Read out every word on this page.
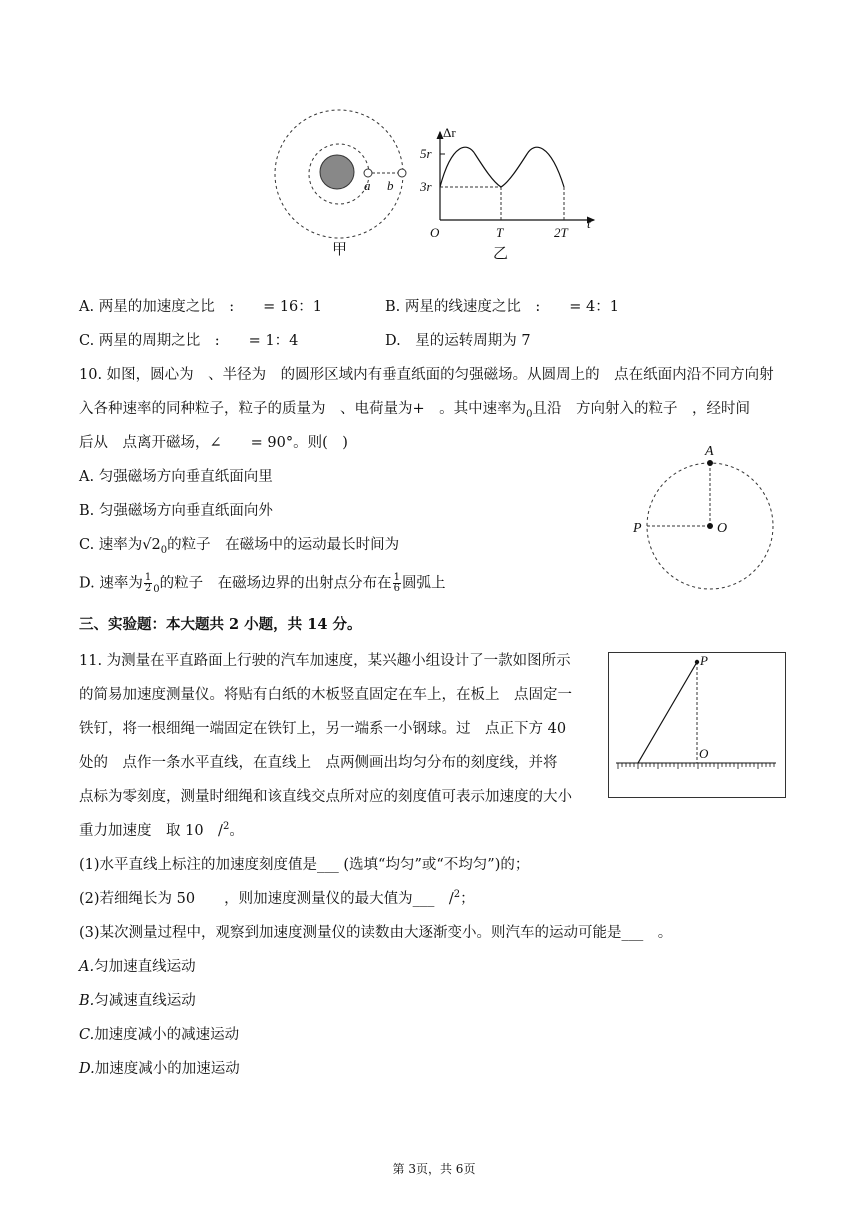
a b
甲
Δr
5r
3r
O	T	2T
t
乙
A. 两星的加速度之比　:　　= 16：1	B. 两星的线速度之比　:　　= 4：1
C. 两星的周期之比　:　　= 1：4	D.　星的运转周期为 7
10. 如图，圆心为　、半径为　的圆形区域内有垂直纸面的匀强磁场。从圆周上的　点在纸面内沿不同方向射
入各种速率的同种粒子，粒子的质量为　、电荷量为+　。其中速率为$_0$且沿　方向射入的粒子　，经时间
后从　点离开磁场，∠　　= 90°。则(　)
A. 匀强磁场方向垂直纸面向里
B. 匀强磁场方向垂直纸面向外
C. 速率为$√2_0$的粒子　在磁场中的运动最长时间为
D. 速率为 $\frac{1}{2} _0$的粒子　在磁场边界的出射点分布在 $\frac{1}{6}$ 圆弧上
A
P	O
三、实验题：本大题共 2 小题，共 14 分。
11. 为测量在平直路面上行驶的汽车加速度，某兴趣小组设计了一款如图所示
的简易加速度测量仪。将贴有白纸的木板竖直固定在车上，在板上　点固定一
铁钉，将一根细绳一端固定在铁钉上，另一端系一小钢球。过　点正下方 40
处的　点作一条水平直线，在直线上　点两侧画出均匀分布的刻度线，并将
点标为零刻度，测量时细绳和该直线交点所对应的刻度值可表示加速度的大小
重力加速度　取 10　/$^2$。
P
O
(1)水平直线上标注的加速度刻度值是___ (选填“均匀”或“不均匀”)的；
(2)若细绳长为 50　　，则加速度测量仪的最大值为___　/$^2$；
(3)某次测量过程中，观察到加速度测量仪的读数由大逐渐变小。则汽车的运动可能是___　。
A.匀加速直线运动
B.匀减速直线运动
C.加速度减小的减速运动
D.加速度减小的加速运动
第 3页，共 6页
